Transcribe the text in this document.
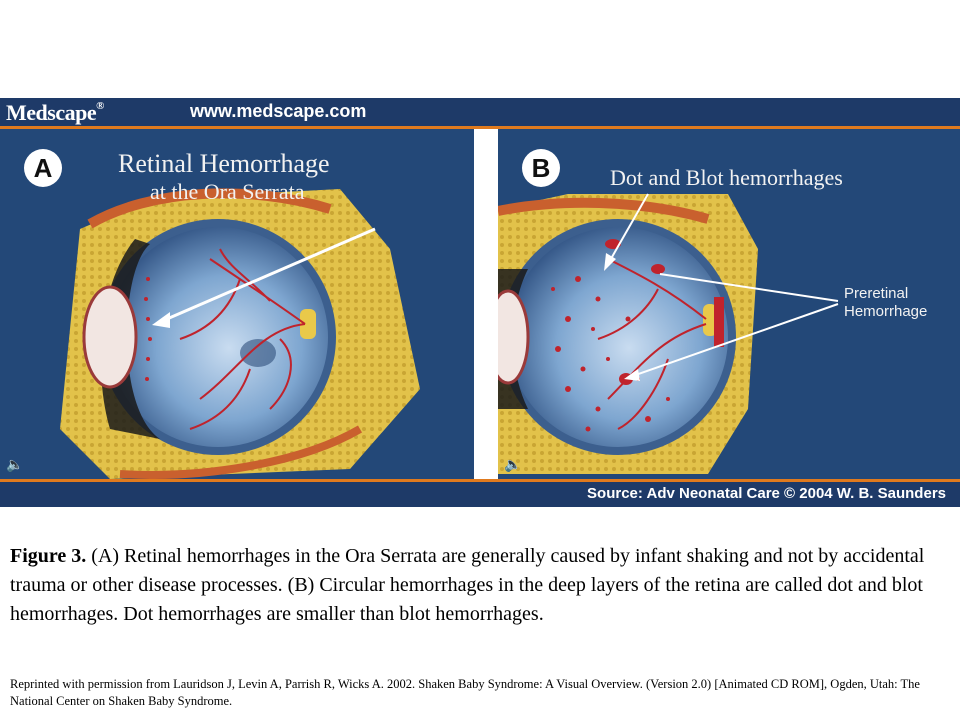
Medscape®	www.medscape.com
A	Retinal Hemorrhage
at the Ora Serrata
🔈
B	Dot and Blot hemorrhages
Preretinal
Hemorrhage
🔈
Source: Adv Neonatal Care © 2004 W. B. Saunders
Figure 3. (A) Retinal hemorrhages in the Ora Serrata are generally caused by infant shaking and not by accidental trauma or other disease processes. (B) Circular hemorrhages in the deep layers of the retina are called dot and blot hemorrhages. Dot hemorrhages are smaller than blot hemorrhages.
Reprinted with permission from Lauridson J, Levin A, Parrish R, Wicks A. 2002. Shaken Baby Syndrome: A Visual Overview. (Version 2.0) [Animated CD ROM], Ogden, Utah: The National Center on Shaken Baby Syndrome.
